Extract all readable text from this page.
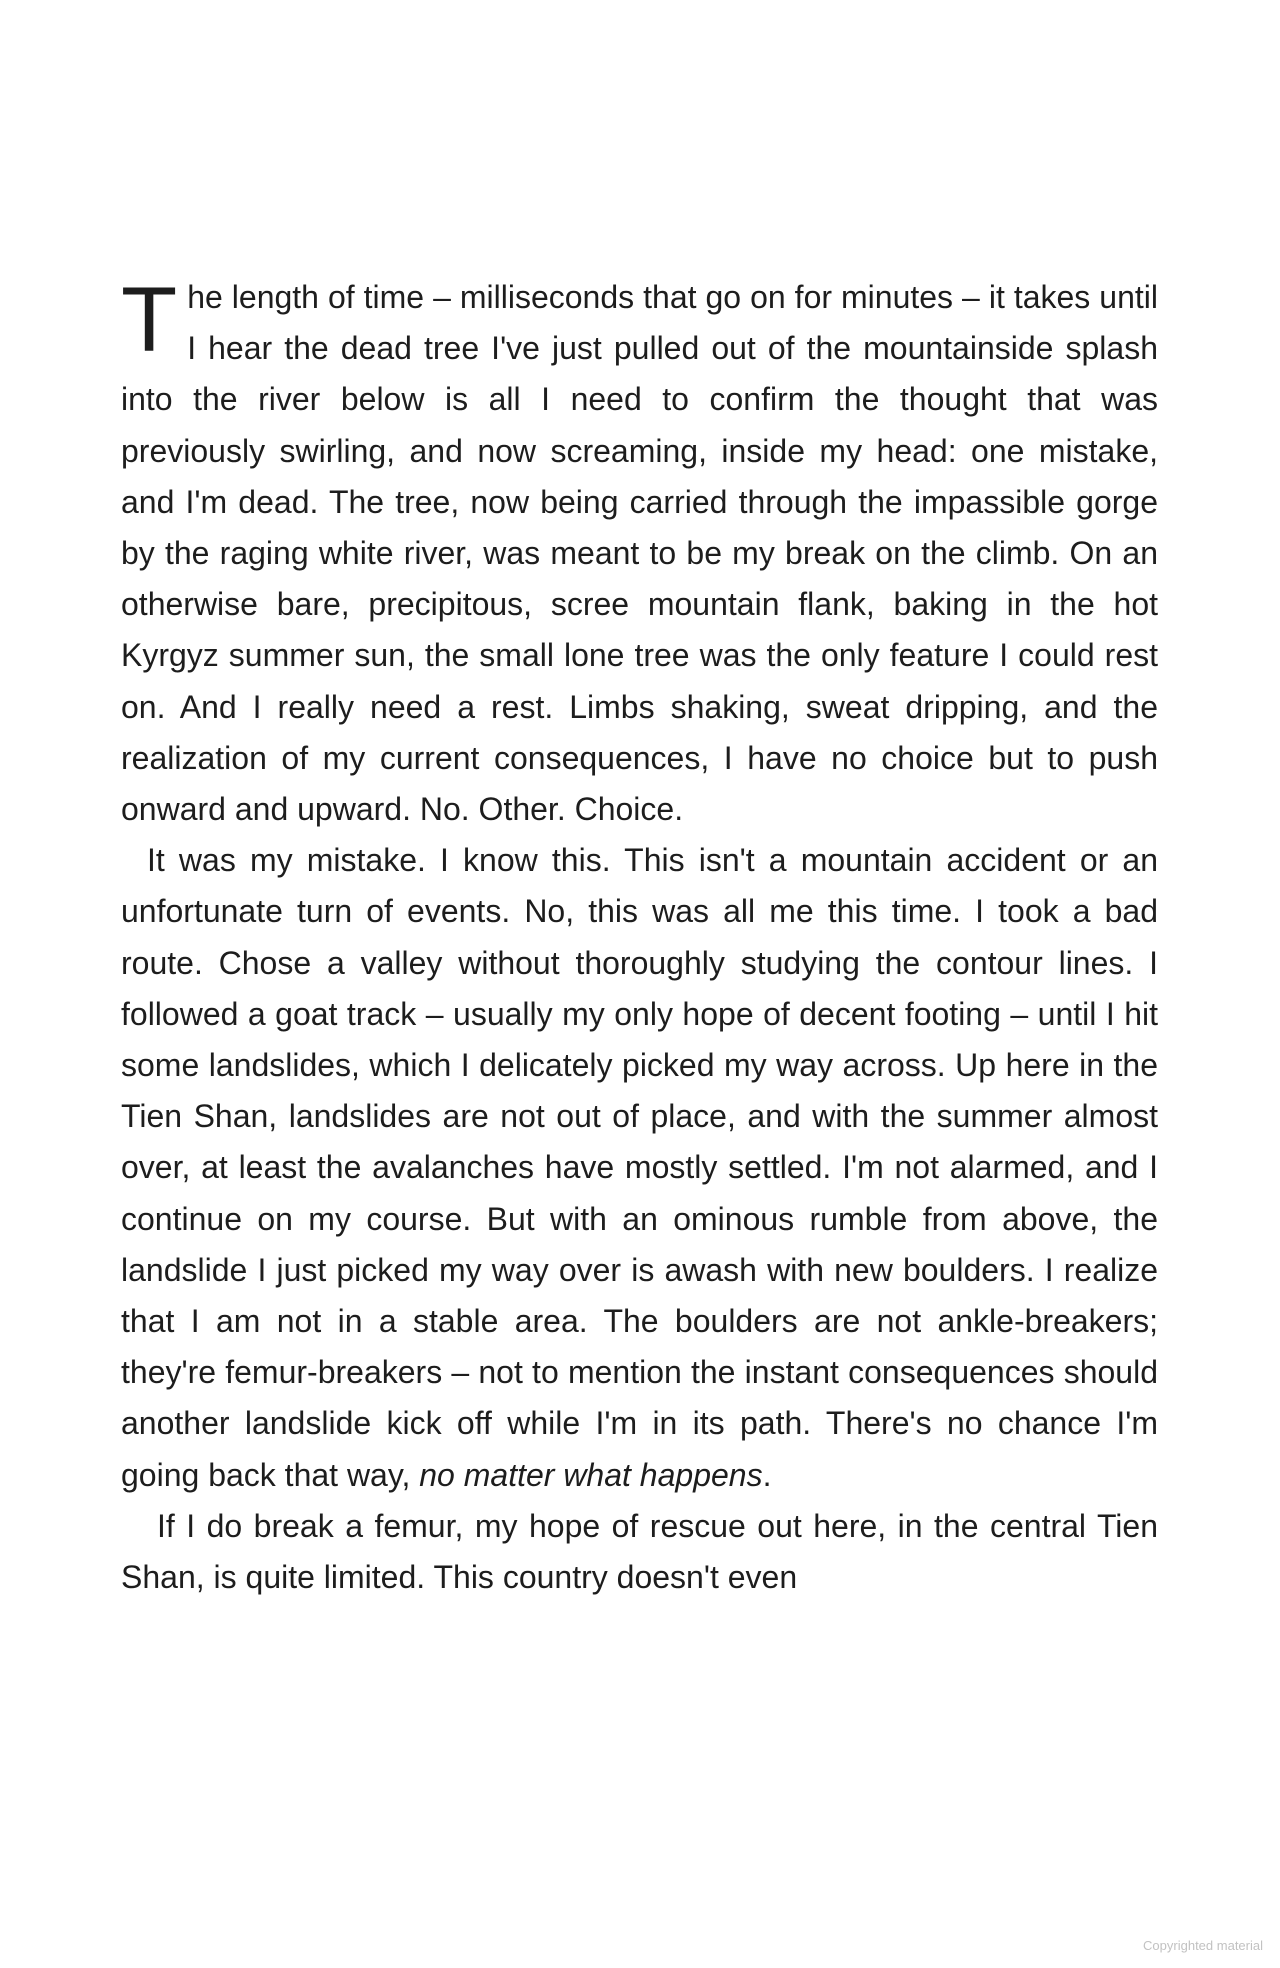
The length of time – milliseconds that go on for minutes – it takes until I hear the dead tree I've just pulled out of the mountainside splash into the river below is all I need to confirm the thought that was previously swirling, and now screaming, inside my head: one mistake, and I'm dead. The tree, now being carried through the impassible gorge by the raging white river, was meant to be my break on the climb. On an otherwise bare, precipitous, scree mountain flank, baking in the hot Kyrgyz summer sun, the small lone tree was the only feature I could rest on. And I really need a rest. Limbs shaking, sweat dripping, and the realization of my current consequences, I have no choice but to push onward and upward. No. Other. Choice.

It was my mistake. I know this. This isn't a mountain accident or an unfortunate turn of events. No, this was all me this time. I took a bad route. Chose a valley without thoroughly studying the contour lines. I followed a goat track – usually my only hope of decent footing – until I hit some landslides, which I delicately picked my way across. Up here in the Tien Shan, landslides are not out of place, and with the summer almost over, at least the avalanches have mostly settled. I'm not alarmed, and I continue on my course. But with an ominous rumble from above, the landslide I just picked my way over is awash with new boulders. I realize that I am not in a stable area. The boulders are not ankle-breakers; they're femur-breakers – not to mention the instant consequences should another landslide kick off while I'm in its path. There's no chance I'm going back that way, no matter what happens.

If I do break a femur, my hope of rescue out here, in the central Tien Shan, is quite limited. This country doesn't even

Copyrighted material
